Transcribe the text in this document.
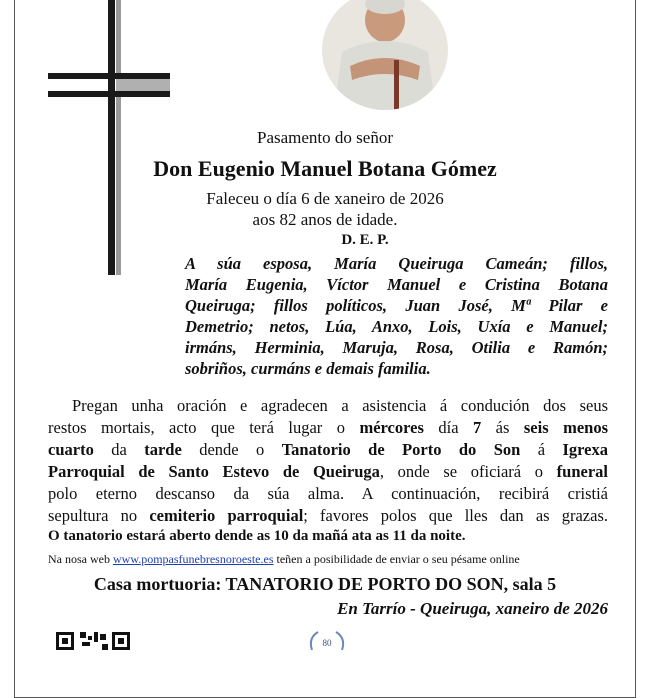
Pasamento do señor
Don Eugenio Manuel Botana Gómez
Faleceu o día 6 de xaneiro de 2026
aos 82 anos de idade.
D. E. P.
A súa esposa, María Queiruga Cameán; fillos,
María Eugenia, Víctor Manuel e Cristina Botana
Queiruga; fillos políticos, Juan José, Mª Pilar e
Demetrio; netos, Lúa, Anxo, Lois, Uxía e Manuel;
irmáns, Herminia, Maruja, Rosa, Otilia e Ramón;
sobriños, curmáns e demais familia.
Pregan unha oración e agradecen a asistencia á condución dos seus
restos mortais, acto que terá lugar o mércores día 7 ás seis menos
cuarto da tarde dende o Tanatorio de Porto do Son á Igrexa
Parroquial de Santo Estevo de Queiruga, onde se oficiará o funeral
polo eterno descanso da súa alma. A continuación, recibirá cristiá
sepultura no cemiterio parroquial; favores polos que lles dan as grazas.
O tanatorio estará aberto dende as 10 da mañá ata as 11 da noite.
Na nosa web www.pompasfunebresnoroeste.es teñen a posibilidade de enviar o seu pésame online
Casa mortuoria: TANATORIO DE PORTO DO SON, sala 5
En Tarrío - Queiruga, xaneiro de 2026
80
